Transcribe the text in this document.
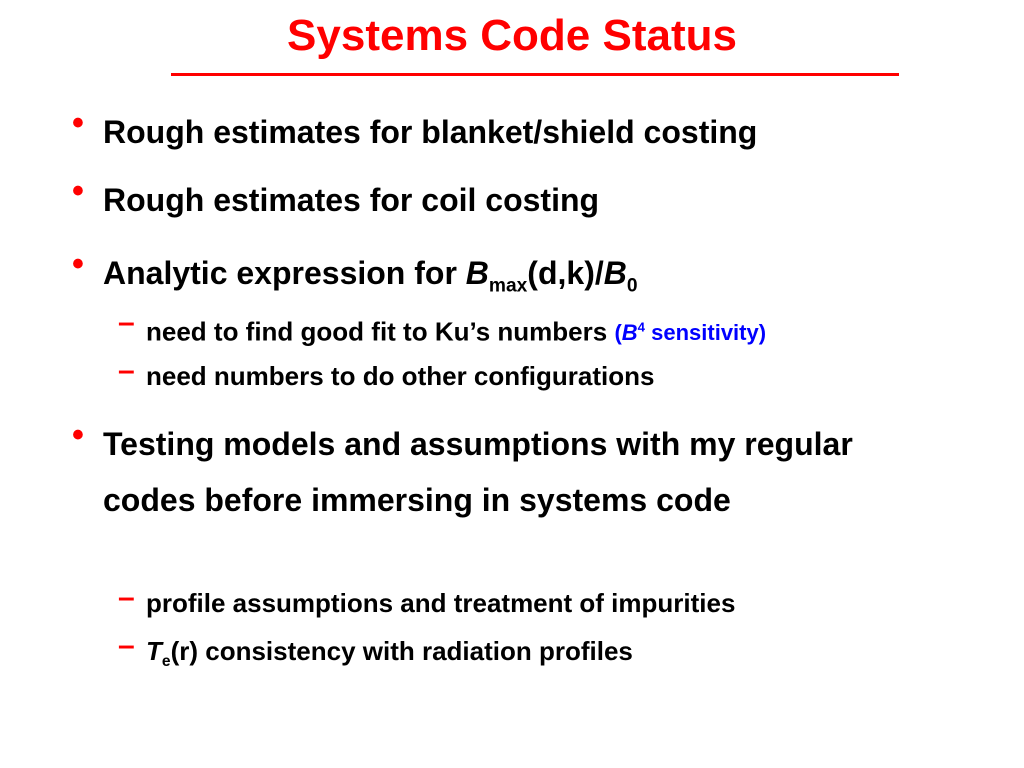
Systems Code Status
• Rough estimates for blanket/shield costing
• Rough estimates for coil costing
• Analytic expression for $B_{max}(d,k)/B_0$
– need to find good fit to Ku’s numbers ($B^4$ sensitivity)
– need numbers to do other configurations
• Testing models and assumptions with my regular codes before immersing in systems code
– profile assumptions and treatment of impurities
– $T_e(r)$ consistency with radiation profiles
